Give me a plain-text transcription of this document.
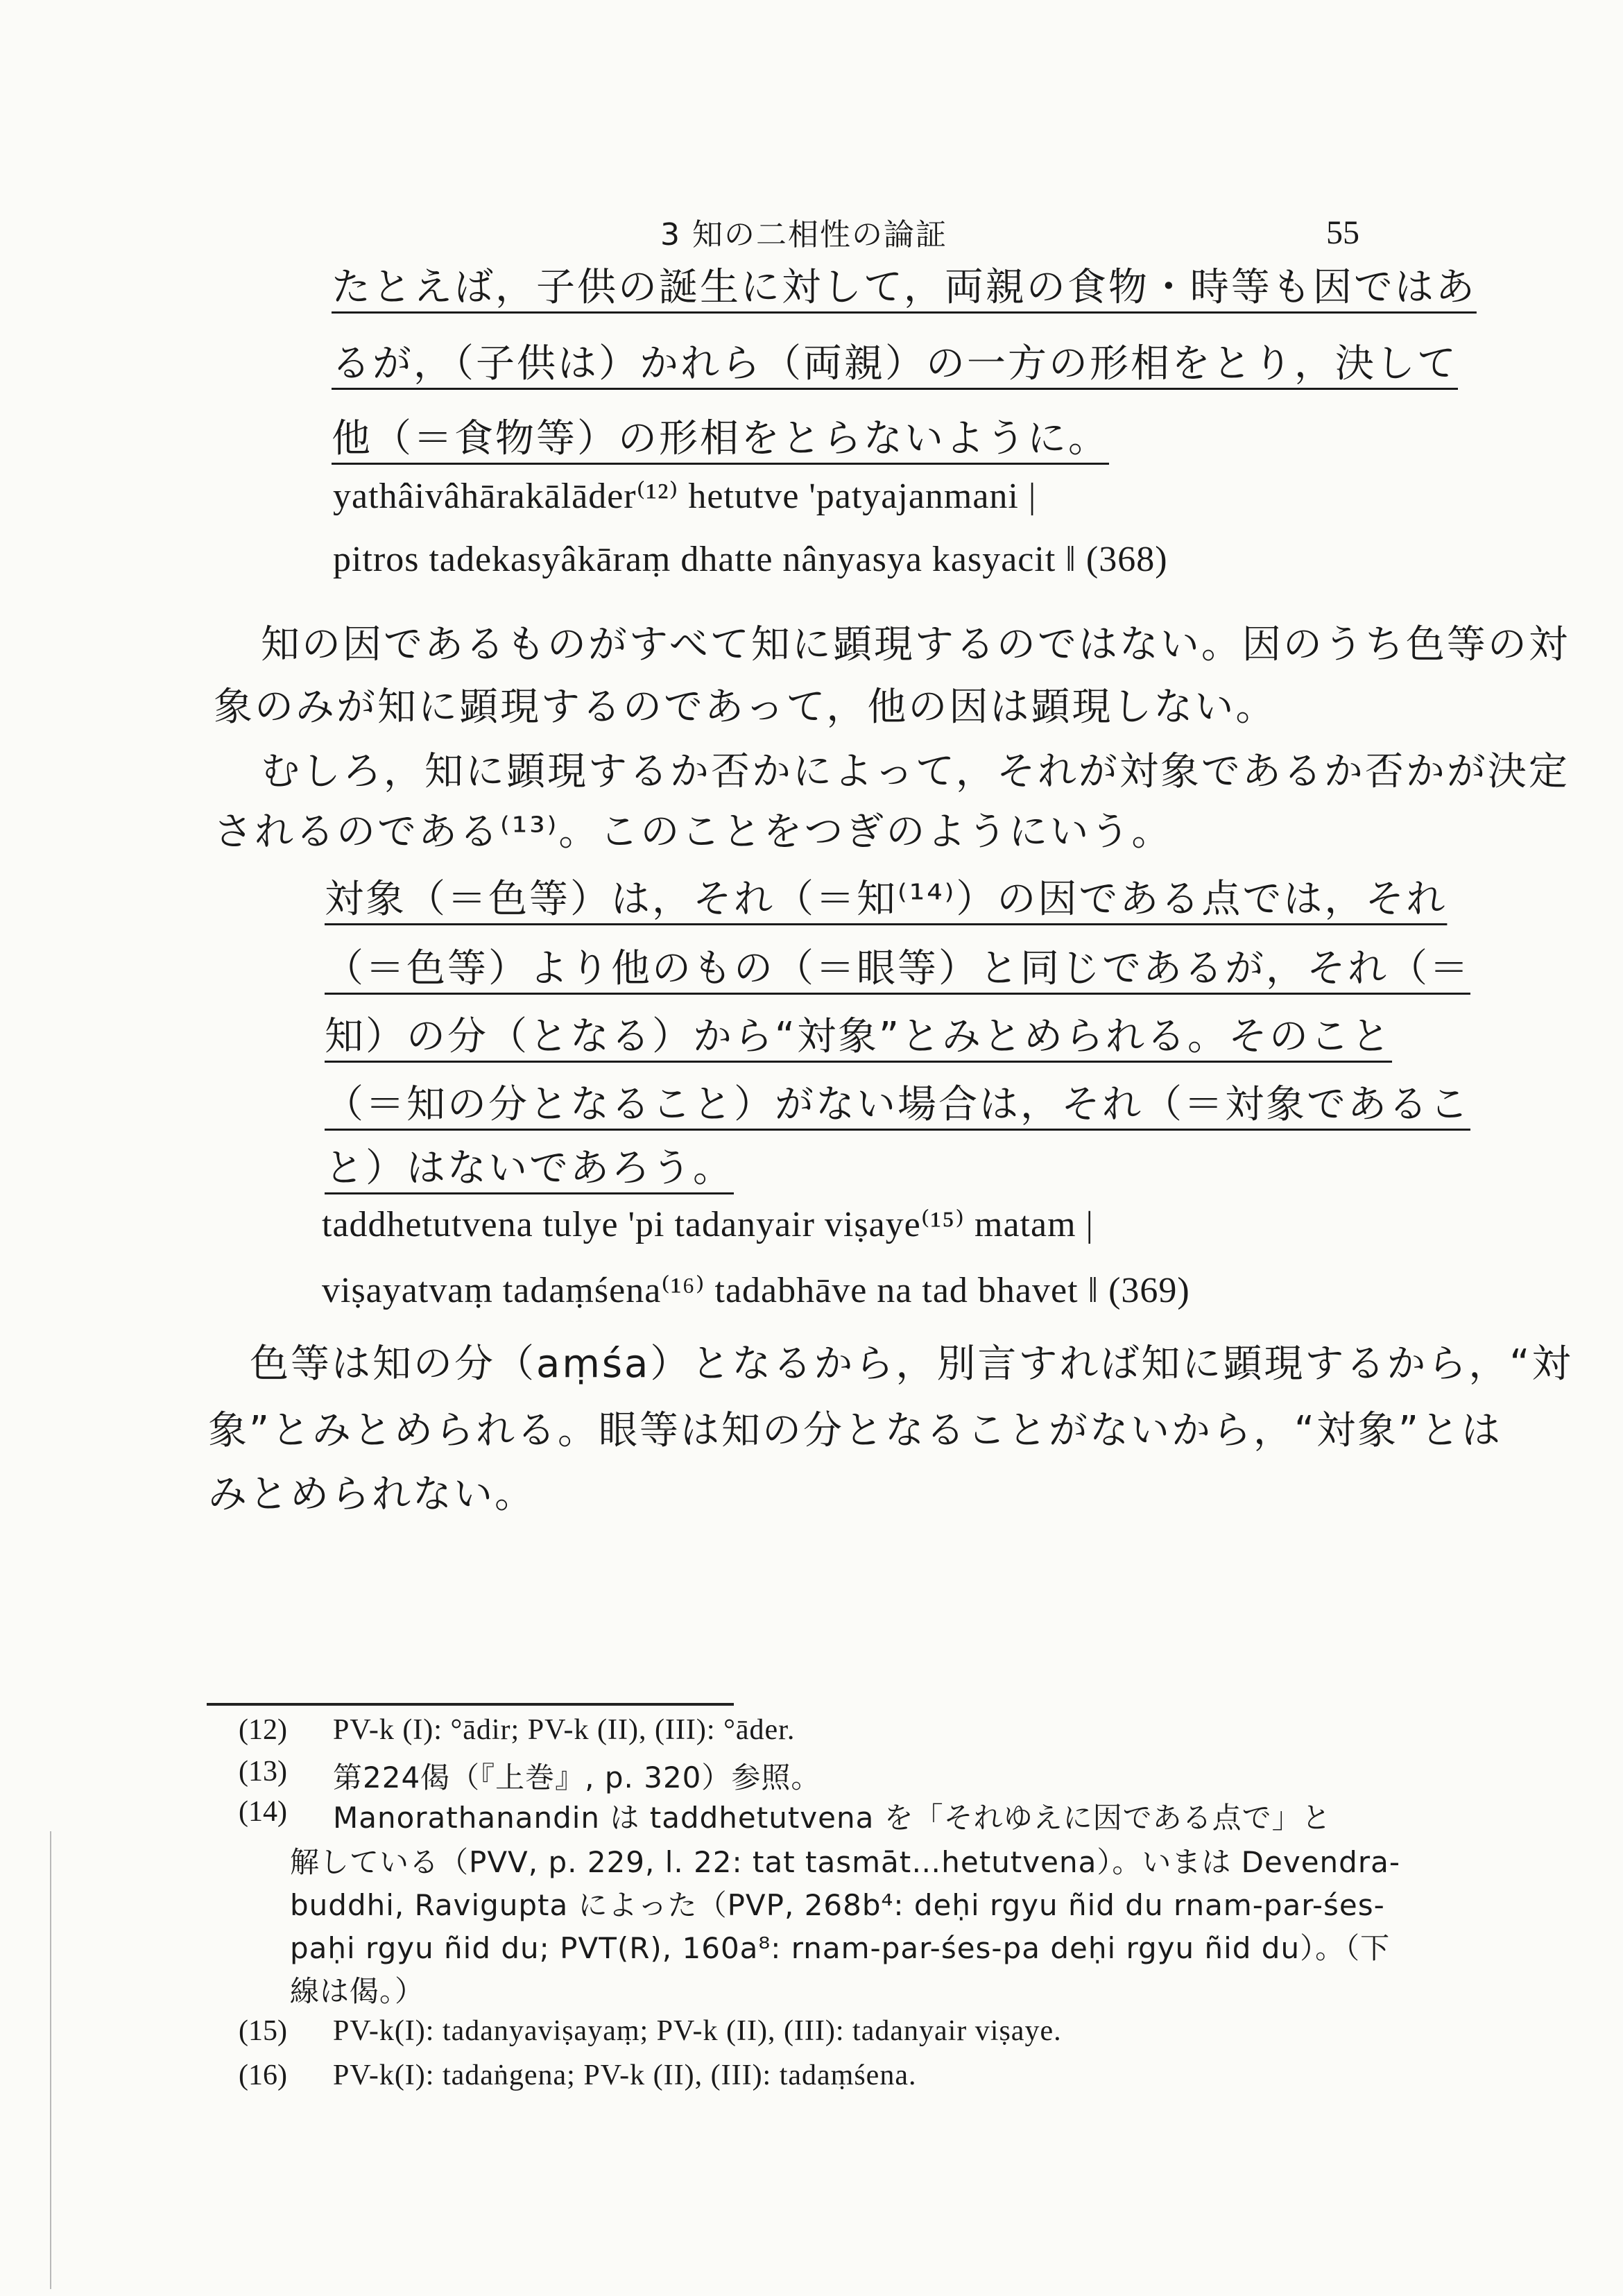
3 知の二相性の論証	55
たとえば，子供の誕生に対して，両親の食物・時等も因ではあ
るが，（子供は）かれら（両親）の一方の形相をとり，決して
他（＝食物等）の形相をとらないように。
yathâivâhārakālāder⁽¹²⁾ hetutve 'patyajanmani |
pitros tadekasyâkāraṃ dhatte nânyasya kasyacit ‖ (368)
知の因であるものがすべて知に顕現するのではない。因のうち色等の対
象のみが知に顕現するのであって，他の因は顕現しない。
むしろ，知に顕現するか否かによって，それが対象であるか否かが決定
されるのである⁽¹³⁾。このことをつぎのようにいう。
対象（＝色等）は，それ（＝知⁽¹⁴⁾）の因である点では，それ
（＝色等）より他のもの（＝眼等）と同じであるが，それ（＝
知）の分（となる）から“対象”とみとめられる。そのこと
（＝知の分となること）がない場合は，それ（＝対象であるこ
と）はないであろう。
taddhetutvena tulye 'pi tadanyair viṣaye⁽¹⁵⁾ matam |
viṣayatvaṃ tadaṃśena⁽¹⁶⁾ tadabhāve na tad bhavet ‖ (369)
色等は知の分（aṃśa）となるから，別言すれば知に顕現するから，“対
象”とみとめられる。眼等は知の分となることがないから，“対象”とは
みとめられない。
(12) PV-k (I): °ādir; PV-k (II), (III): °āder.
(13) 第224偈（『上巻』, p. 320）参照。
(14) Manorathanandin は taddhetutvena を「それゆえに因である点で」と
解している（PVV, p. 229, l. 22: tat tasmāt…hetutvena）。いまは Devendra-
buddhi, Ravigupta によった（PVP, 268b⁴: deḥi rgyu ñid du rnam-par-śes-
paḥi rgyu ñid du; PVT(R), 160a⁸: rnam-par-śes-pa deḥi rgyu ñid du）。（下
線は偈。）
(15) PV-k(I): tadanyaviṣayaṃ; PV-k (II), (III): tadanyair viṣaye.
(16) PV-k(I): tadaṅgena; PV-k (II), (III): tadaṃśena.
